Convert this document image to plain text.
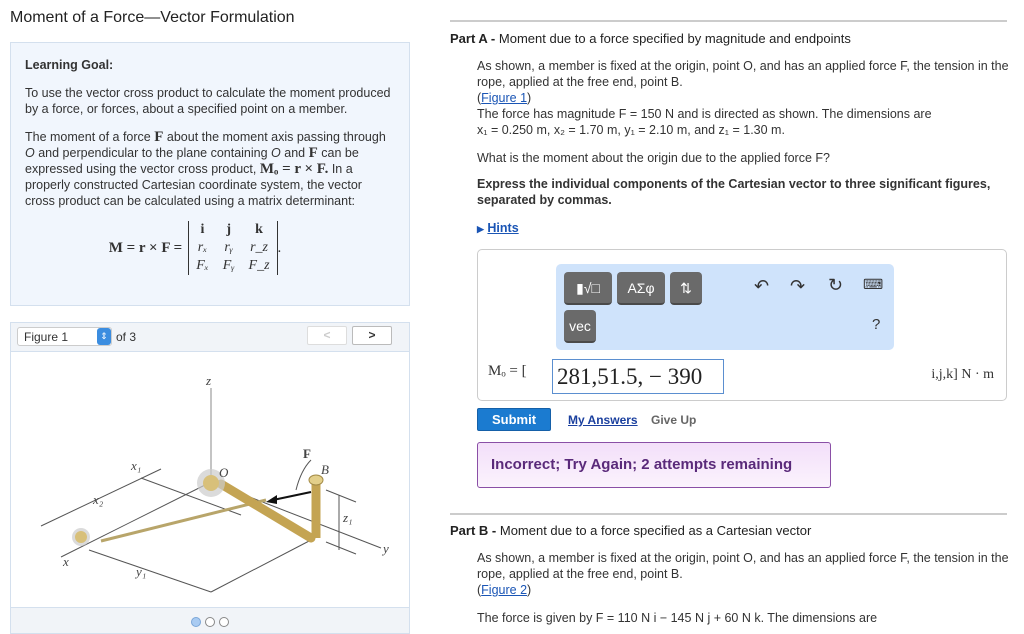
Moment of a Force—Vector Formulation
Learning Goal:

To use the vector cross product to calculate the moment produced by a force, or forces, about a specified point on a member.

The moment of a force F about the moment axis passing through O and perpendicular to the plane containing O and F can be expressed using the vector cross product, Mₒ = r × F. In a properly constructed Cartesian coordinate system, the vector cross product can be calculated using a matrix determinant:

M = r × F =
i	j	k
rₓ	rᵧ	r_z
Fₓ	Fᵧ	F_z
.
Figure 1	⇕ of 3	<	>
z
x
y
x₁
x₂
y₁
z₁
O	B
F
Part A - Moment due to a force specified by magnitude and endpoints
As shown, a member is fixed at the origin, point O, and has an applied force F, the tension in the rope, applied at the free end, point B.
(Figure 1)
The force has magnitude F = 150 N and is directed as shown. The dimensions are
x₁ = 0.250 m, x₂ = 1.70 m, y₁ = 2.10 m, and z₁ = 1.30 m.
What is the moment about the origin due to the applied force F?
Express the individual components of the Cartesian vector to three significant figures, separated by commas.
▶ Hints
▮√□	AΣφ	⇅
vec
↶ ↷ ↻ ⌨
?
Mₒ = [ 281,51.5, − 390	i,j,k] N · m
Submit	My Answers Give Up
Incorrect; Try Again; 2 attempts remaining
Part B - Moment due to a force specified as a Cartesian vector
As shown, a member is fixed at the origin, point O, and has an applied force F, the tension in the rope, applied at the free end, point B.
(Figure 2)
The force is given by F = 110 N i − 145 N j + 60 N k. The dimensions are
